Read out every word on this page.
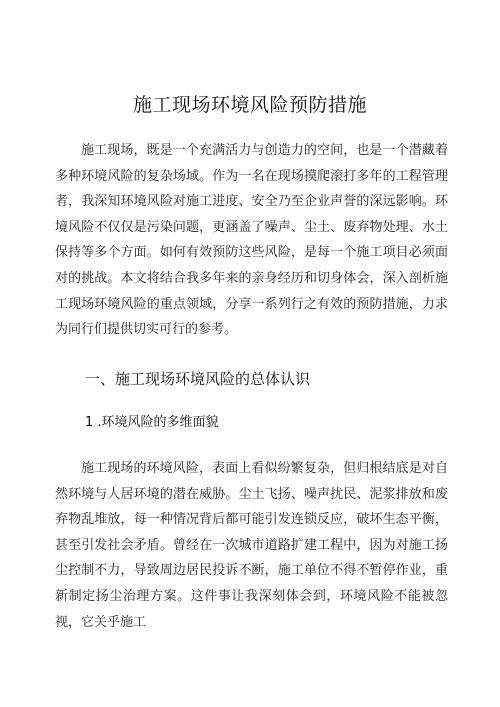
施工现场环境风险预防措施

施工现场，既是一个充满活力与创造力的空间，也是一个潜藏着多种环境风险的复杂场域。作为一名在现场摸爬滚打多年的工程管理者，我深知环境风险对施工进度、安全乃至企业声誉的深远影响。环境风险不仅仅是污染问题，更涵盖了噪声、尘土、废弃物处理、水土保持等多个方面。如何有效预防这些风险，是每一个施工项目必须面对的挑战。本文将结合我多年来的亲身经历和切身体会，深入剖析施工现场环境风险的重点领域，分享一系列行之有效的预防措施，力求为同行们提供切实可行的参考。

一、施工现场环境风险的总体认识
1 .环境风险的多维面貌

施工现场的环境风险，表面上看似纷繁复杂，但归根结底是对自然环境与人居环境的潜在威胁。尘土飞扬、噪声扰民、泥浆排放和废弃物乱堆放，每一种情况背后都可能引发连锁反应，破坏生态平衡，甚至引发社会矛盾。曾经在一次城市道路扩建工程中，因为对施工扬尘控制不力，导致周边居民投诉不断，施工单位不得不暂停作业，重新制定扬尘治理方案。这件事让我深刻体会到，环境风险不能被忽视，它关乎施工
